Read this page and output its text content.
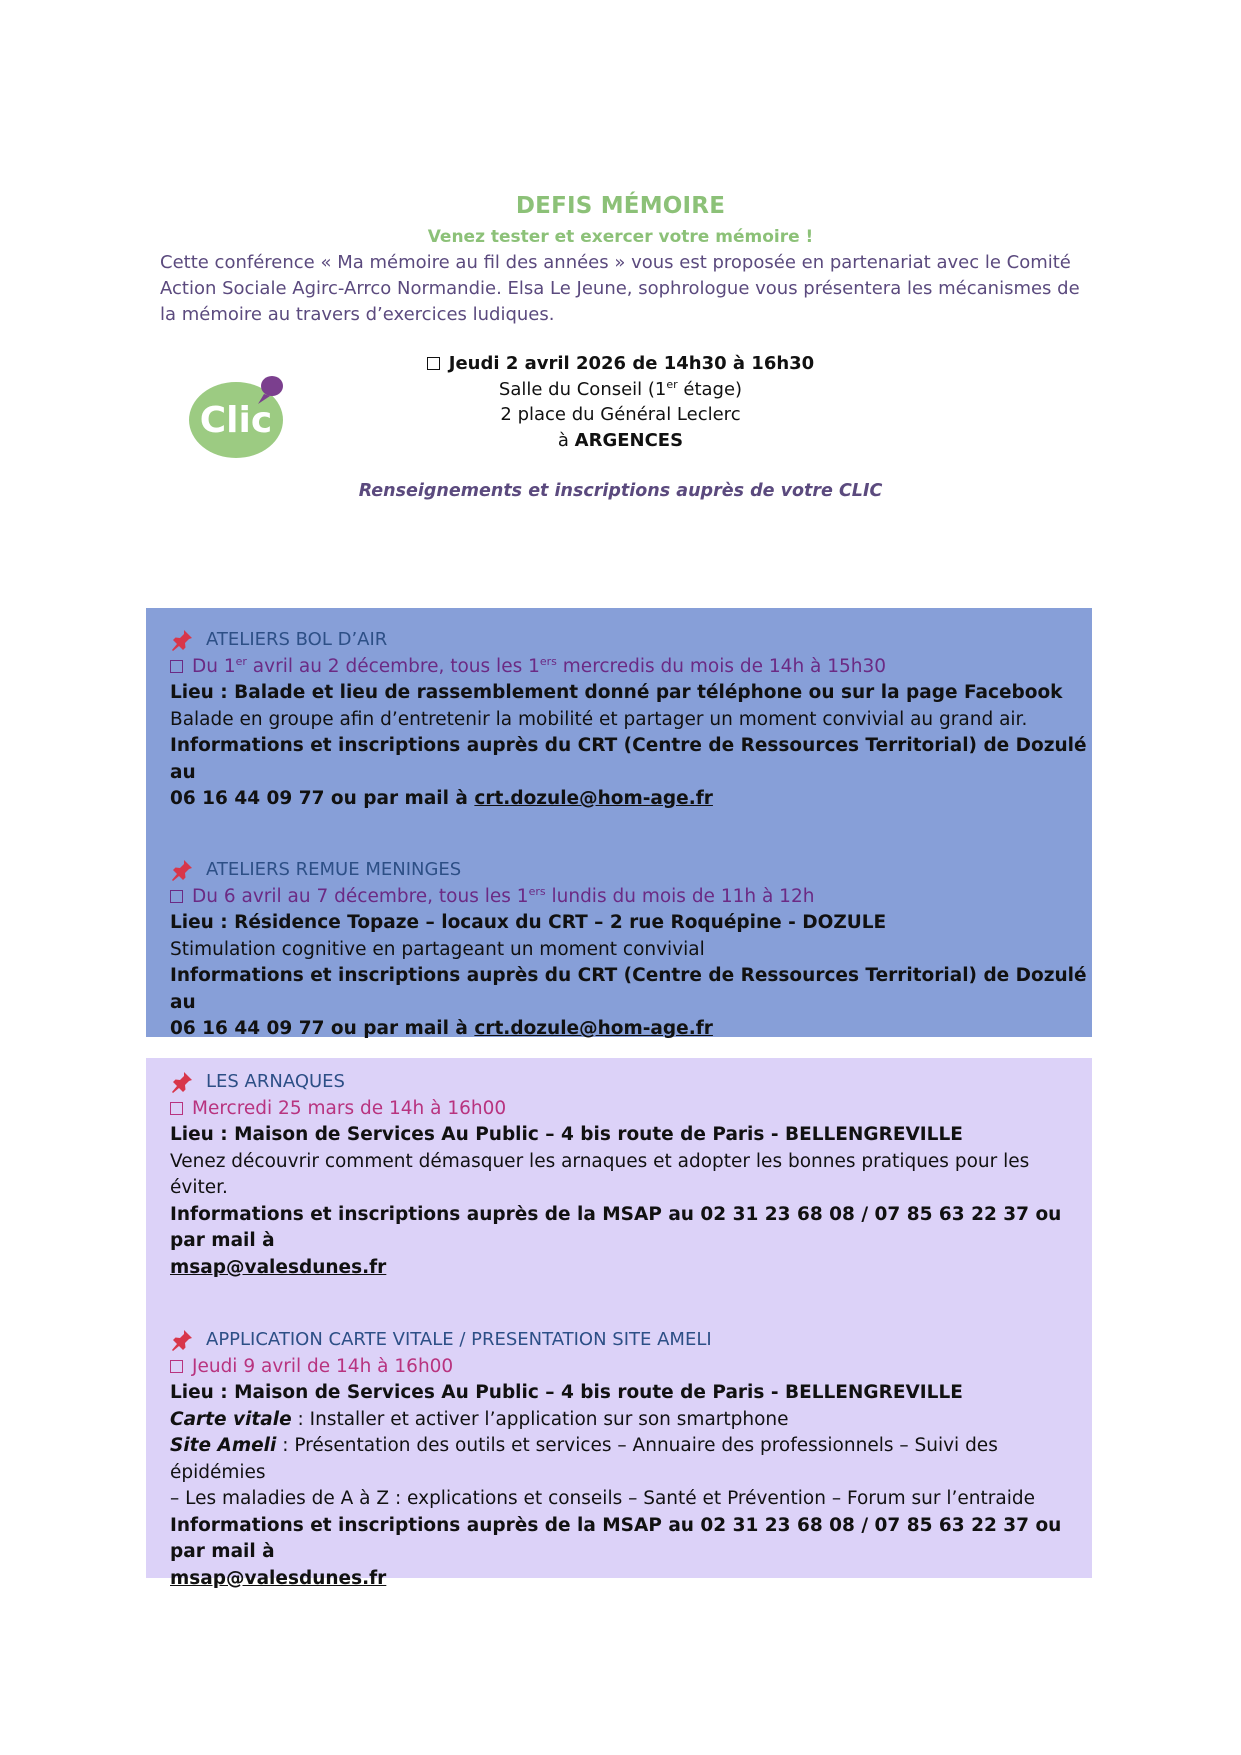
DEFIS MÉMOIRE
Venez tester et exercer votre mémoire !
Cette conférence « Ma mémoire au fil des années » vous est proposée en partenariat avec le Comité Action Sociale Agirc-Arrco Normandie. Elsa Le Jeune, sophrologue vous présentera les mécanismes de la mémoire au travers d’exercices ludiques.
Clic
Jeudi 2 avril 2026 de 14h30 à 16h30
Salle du Conseil (1er étage)
2 place du Général Leclerc
à ARGENCES
Renseignements et inscriptions auprès de votre CLIC
ATELIERS BOL D’AIR
Du 1er avril au 2 décembre, tous les 1ers mercredis du mois de 14h à 15h30
Lieu : Balade et lieu de rassemblement donné par téléphone ou sur la page Facebook
Balade en groupe afin d’entretenir la mobilité et partager un moment convivial au grand air.
Informations et inscriptions auprès du CRT (Centre de Ressources Territorial) de Dozulé au
06 16 44 09 77 ou par mail à crt.dozule@hom-age.fr
ATELIERS REMUE MENINGES
Du 6 avril au 7 décembre, tous les 1ers lundis du mois de 11h à 12h
Lieu : Résidence Topaze – locaux du CRT – 2 rue Roquépine - DOZULE
Stimulation cognitive en partageant un moment convivial
Informations et inscriptions auprès du CRT (Centre de Ressources Territorial) de Dozulé au
06 16 44 09 77 ou par mail à crt.dozule@hom-age.fr
LES ARNAQUES
Mercredi 25 mars de 14h à 16h00
Lieu : Maison de Services Au Public – 4 bis route de Paris - BELLENGREVILLE
Venez découvrir comment démasquer les arnaques et adopter les bonnes pratiques pour les éviter.
Informations et inscriptions auprès de la MSAP au 02 31 23 68 08 / 07 85 63 22 37 ou par mail à
msap@valesdunes.fr
APPLICATION CARTE VITALE / PRESENTATION SITE AMELI
Jeudi 9 avril de 14h à 16h00
Lieu : Maison de Services Au Public – 4 bis route de Paris - BELLENGREVILLE
Carte vitale : Installer et activer l’application sur son smartphone
Site Ameli : Présentation des outils et services – Annuaire des professionnels – Suivi des épidémies
– Les maladies de A à Z : explications et conseils – Santé et Prévention – Forum sur l’entraide
Informations et inscriptions auprès de la MSAP au 02 31 23 68 08 / 07 85 63 22 37 ou par mail à
msap@valesdunes.fr
